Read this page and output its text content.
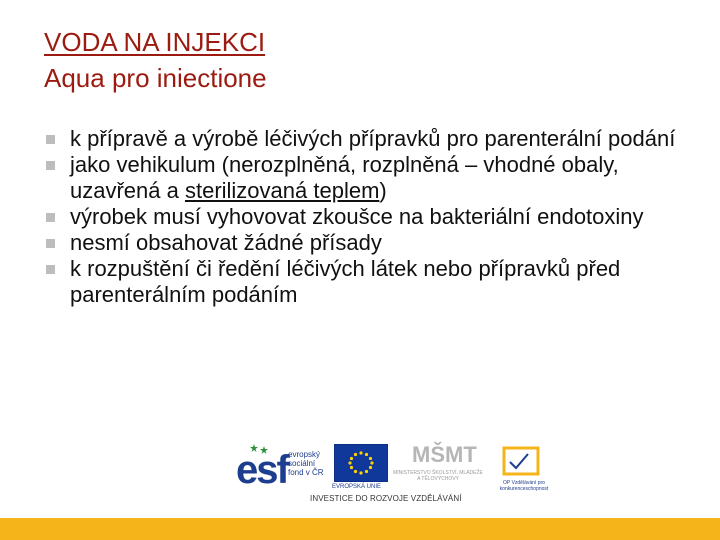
VODA NA INJEKCI
Aqua pro iniectione
k přípravě a výrobě léčivých přípravků pro parenterální podání
jako vehikulum (nerozplněná, rozplněná – vhodné obaly, uzavřená a sterilizovaná teplem)
výrobek musí vyhovovat zkoušce na bakteriální endotoxiny
nesmí obsahovat žádné přísady
k rozpuštění či ředění léčivých látek nebo přípravků před parenterálním podáním
esf evropský sociální fond v ČR
EVROPSKÁ UNIE
MŠMT
MINISTERSTVO ŠKOLSTVÍ, MLÁDEŽE A TĚLOVÝCHOVY
OP Vzdělávání pro konkurenceschopnost
INVESTICE DO ROZVOJE VZDĚLÁVÁNÍ
